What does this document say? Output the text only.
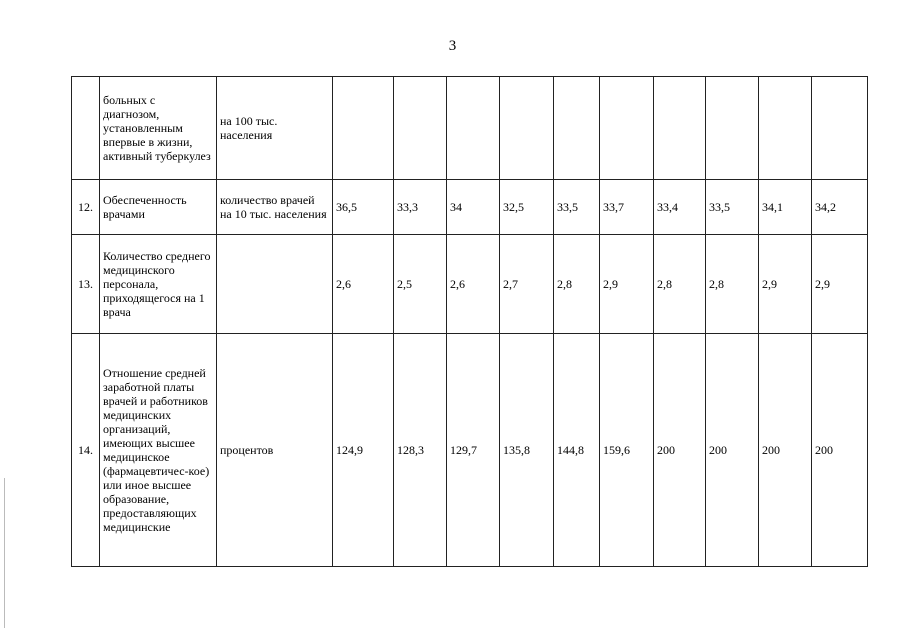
3
	больных с диагнозом, установленным впервые в жизни, активный туберкулез	на 100 тыс. населения										
12.	Обеспеченность врачами	количество врачей на 10 тыс. населения	36,5	33,3	34	32,5	33,5	33,7	33,4	33,5	34,1	34,2
13.	Количество среднего медицинского персонала, приходящегося на 1 врача		2,6	2,5	2,6	2,7	2,8	2,9	2,8	2,8	2,9	2,9
14.	Отношение средней заработной платы врачей и работников медицинских организаций, имеющих высшее медицинское (фармацевтичес-кое) или иное высшее образование, предоставляющих медицинские	процентов	124,9	128,3	129,7	135,8	144,8	159,6	200	200	200	200
